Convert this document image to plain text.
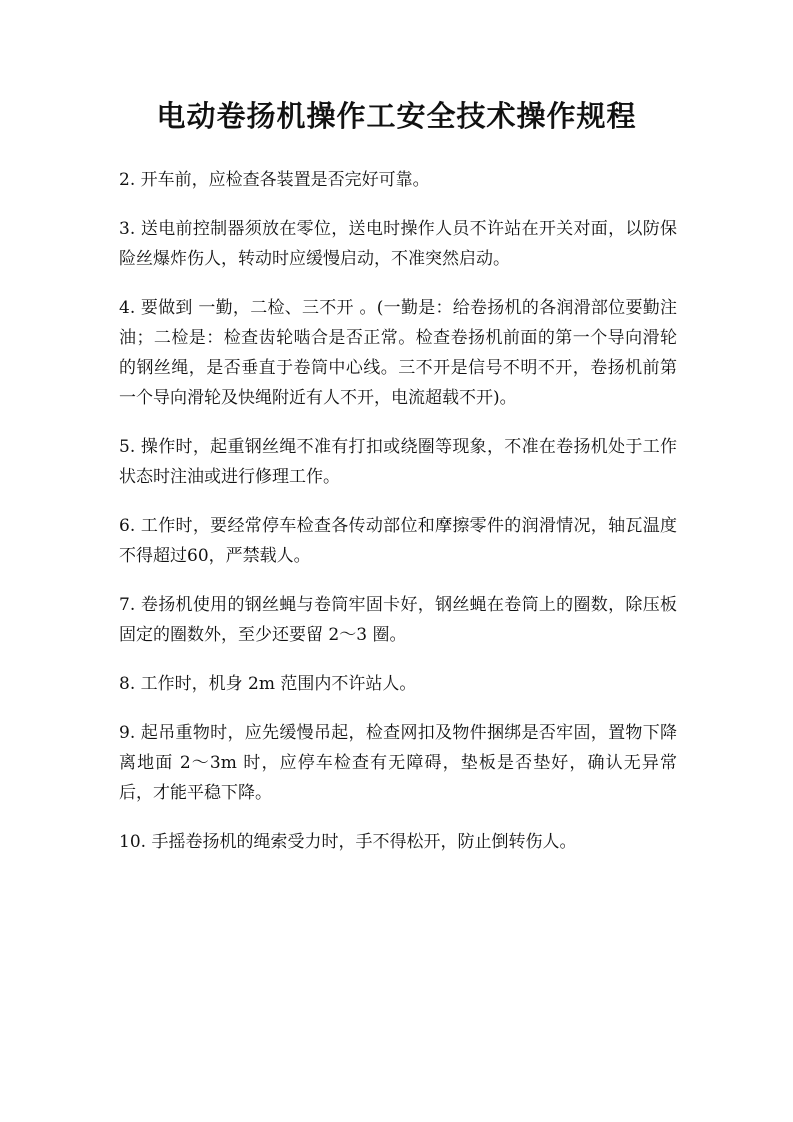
电动卷扬机操作工安全技术操作规程

2. 开车前，应检查各装置是否完好可靠。

3. 送电前控制器须放在零位，送电时操作人员不许站在开关对面，以防保险丝爆炸伤人，转动时应缓慢启动，不准突然启动。

4. 要做到 一勤，二检、三不开 。(一勤是：给卷扬机的各润滑部位要勤注油；二检是：检查齿轮啮合是否正常。检查卷扬机前面的第一个导向滑轮的钢丝绳，是否垂直于卷筒中心线。三不开是信号不明不开，卷扬机前第一个导向滑轮及快绳附近有人不开，电流超载不开)。

5. 操作时，起重钢丝绳不准有打扣或绕圈等现象，不准在卷扬机处于工作状态时注油或进行修理工作。

6. 工作时，要经常停车检查各传动部位和摩擦零件的润滑情况，轴瓦温度不得超过60，严禁载人。

7. 卷扬机使用的钢丝蝇与卷筒牢固卡好，钢丝蝇在卷筒上的圈数，除压板固定的圈数外，至少还要留 2～3 圈。

8. 工作时，机身 2m 范围内不许站人。

9. 起吊重物时，应先缓慢吊起，检查网扣及物件捆绑是否牢固，置物下降离地面 2～3m 时，应停车检查有无障碍，垫板是否垫好，确认无异常后，才能平稳下降。

10. 手摇卷扬机的绳索受力时，手不得松开，防止倒转伤人。
